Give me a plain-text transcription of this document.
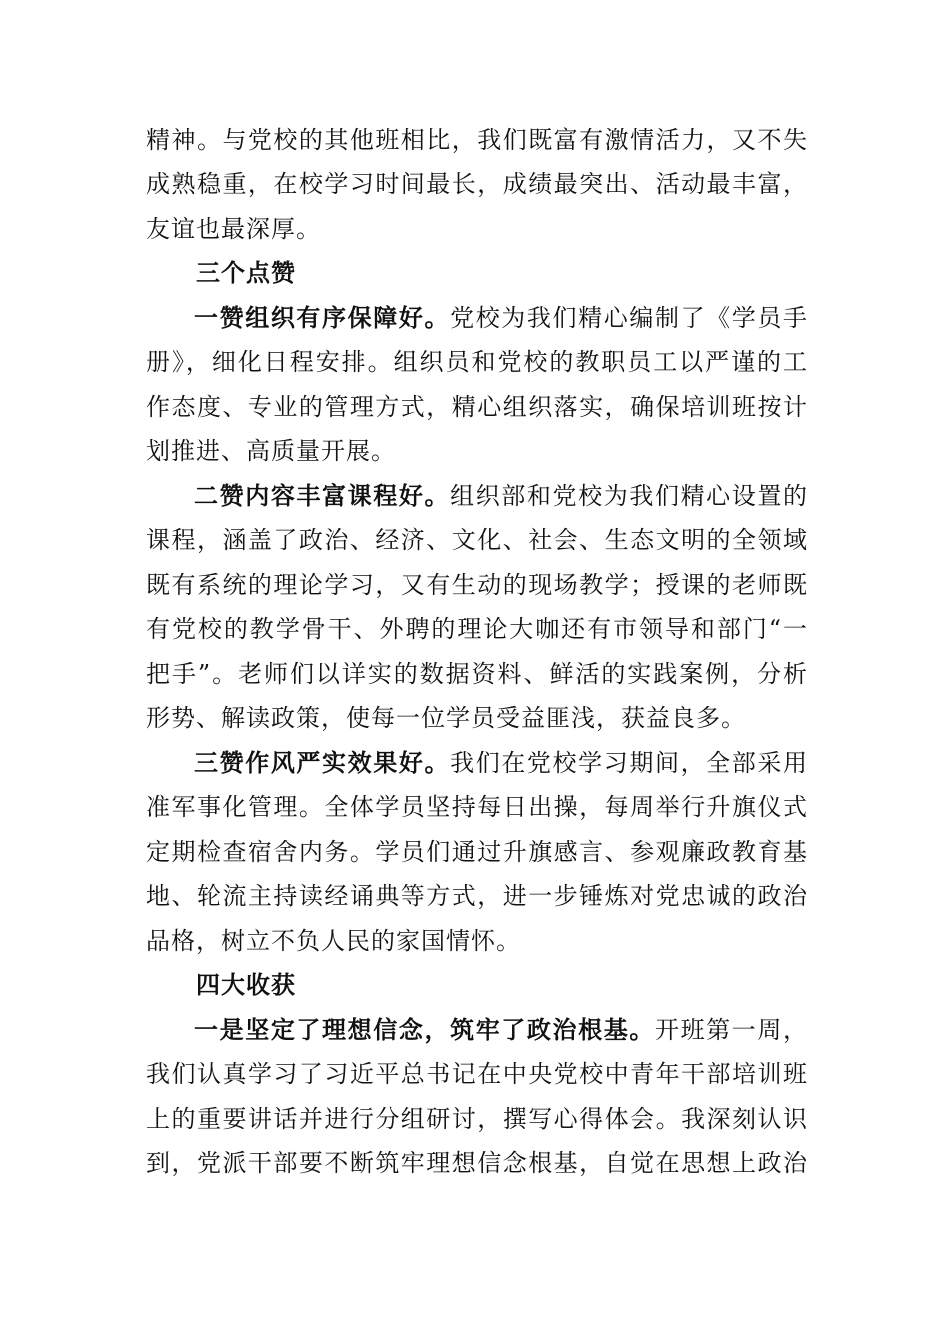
精神。与党校的其他班相比，我们既富有激情活力，又不失
成熟稳重，在校学习时间最长，成绩最突出、活动最丰富，
友谊也最深厚。
三个点赞
一赞组织有序保障好。党校为我们精心编制了《学员手
册》，细化日程安排。组织员和党校的教职员工以严谨的工
作态度、专业的管理方式，精心组织落实，确保培训班按计
划推进、高质量开展。
二赞内容丰富课程好。组织部和党校为我们精心设置的
课程，涵盖了政治、经济、文化、社会、生态文明的全领域
既有系统的理论学习，又有生动的现场教学；授课的老师既
有党校的教学骨干、外聘的理论大咖还有市领导和部门“一
把手”。老师们以详实的数据资料、鲜活的实践案例，分析
形势、解读政策，使每一位学员受益匪浅，获益良多。
三赞作风严实效果好。我们在党校学习期间，全部采用
准军事化管理。全体学员坚持每日出操，每周举行升旗仪式
定期检查宿舍内务。学员们通过升旗感言、参观廉政教育基
地、轮流主持读经诵典等方式，进一步锤炼对党忠诚的政治
品格，树立不负人民的家国情怀。
四大收获
一是坚定了理想信念，筑牢了政治根基。开班第一周，
我们认真学习了习近平总书记在中央党校中青年干部培训班
上的重要讲话并进行分组研讨，撰写心得体会。我深刻认识
到，党派干部要不断筑牢理想信念根基，自觉在思想上政治
